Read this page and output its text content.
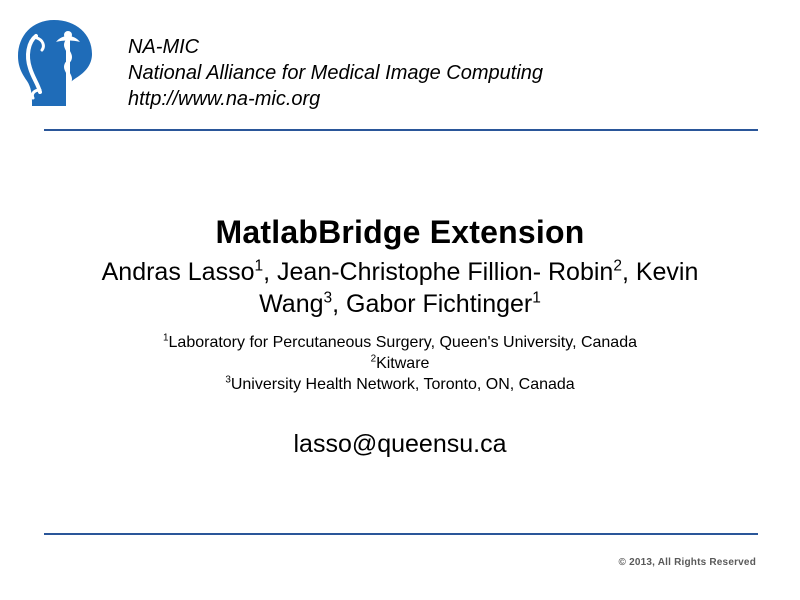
NA-MIC
National Alliance for Medical Image Computing
http://www.na-mic.org
MatlabBridge Extension
Andras Lasso$^1$, Jean-Christophe Fillion- Robin$^2$, Kevin Wang$^3$, Gabor Fichtinger$^1$
$^1$Laboratory for Percutaneous Surgery, Queen's University, Canada
$^2$Kitware
$^3$University Health Network, Toronto, ON, Canada
lasso@queensu.ca
© 2013, All Rights Reserved
